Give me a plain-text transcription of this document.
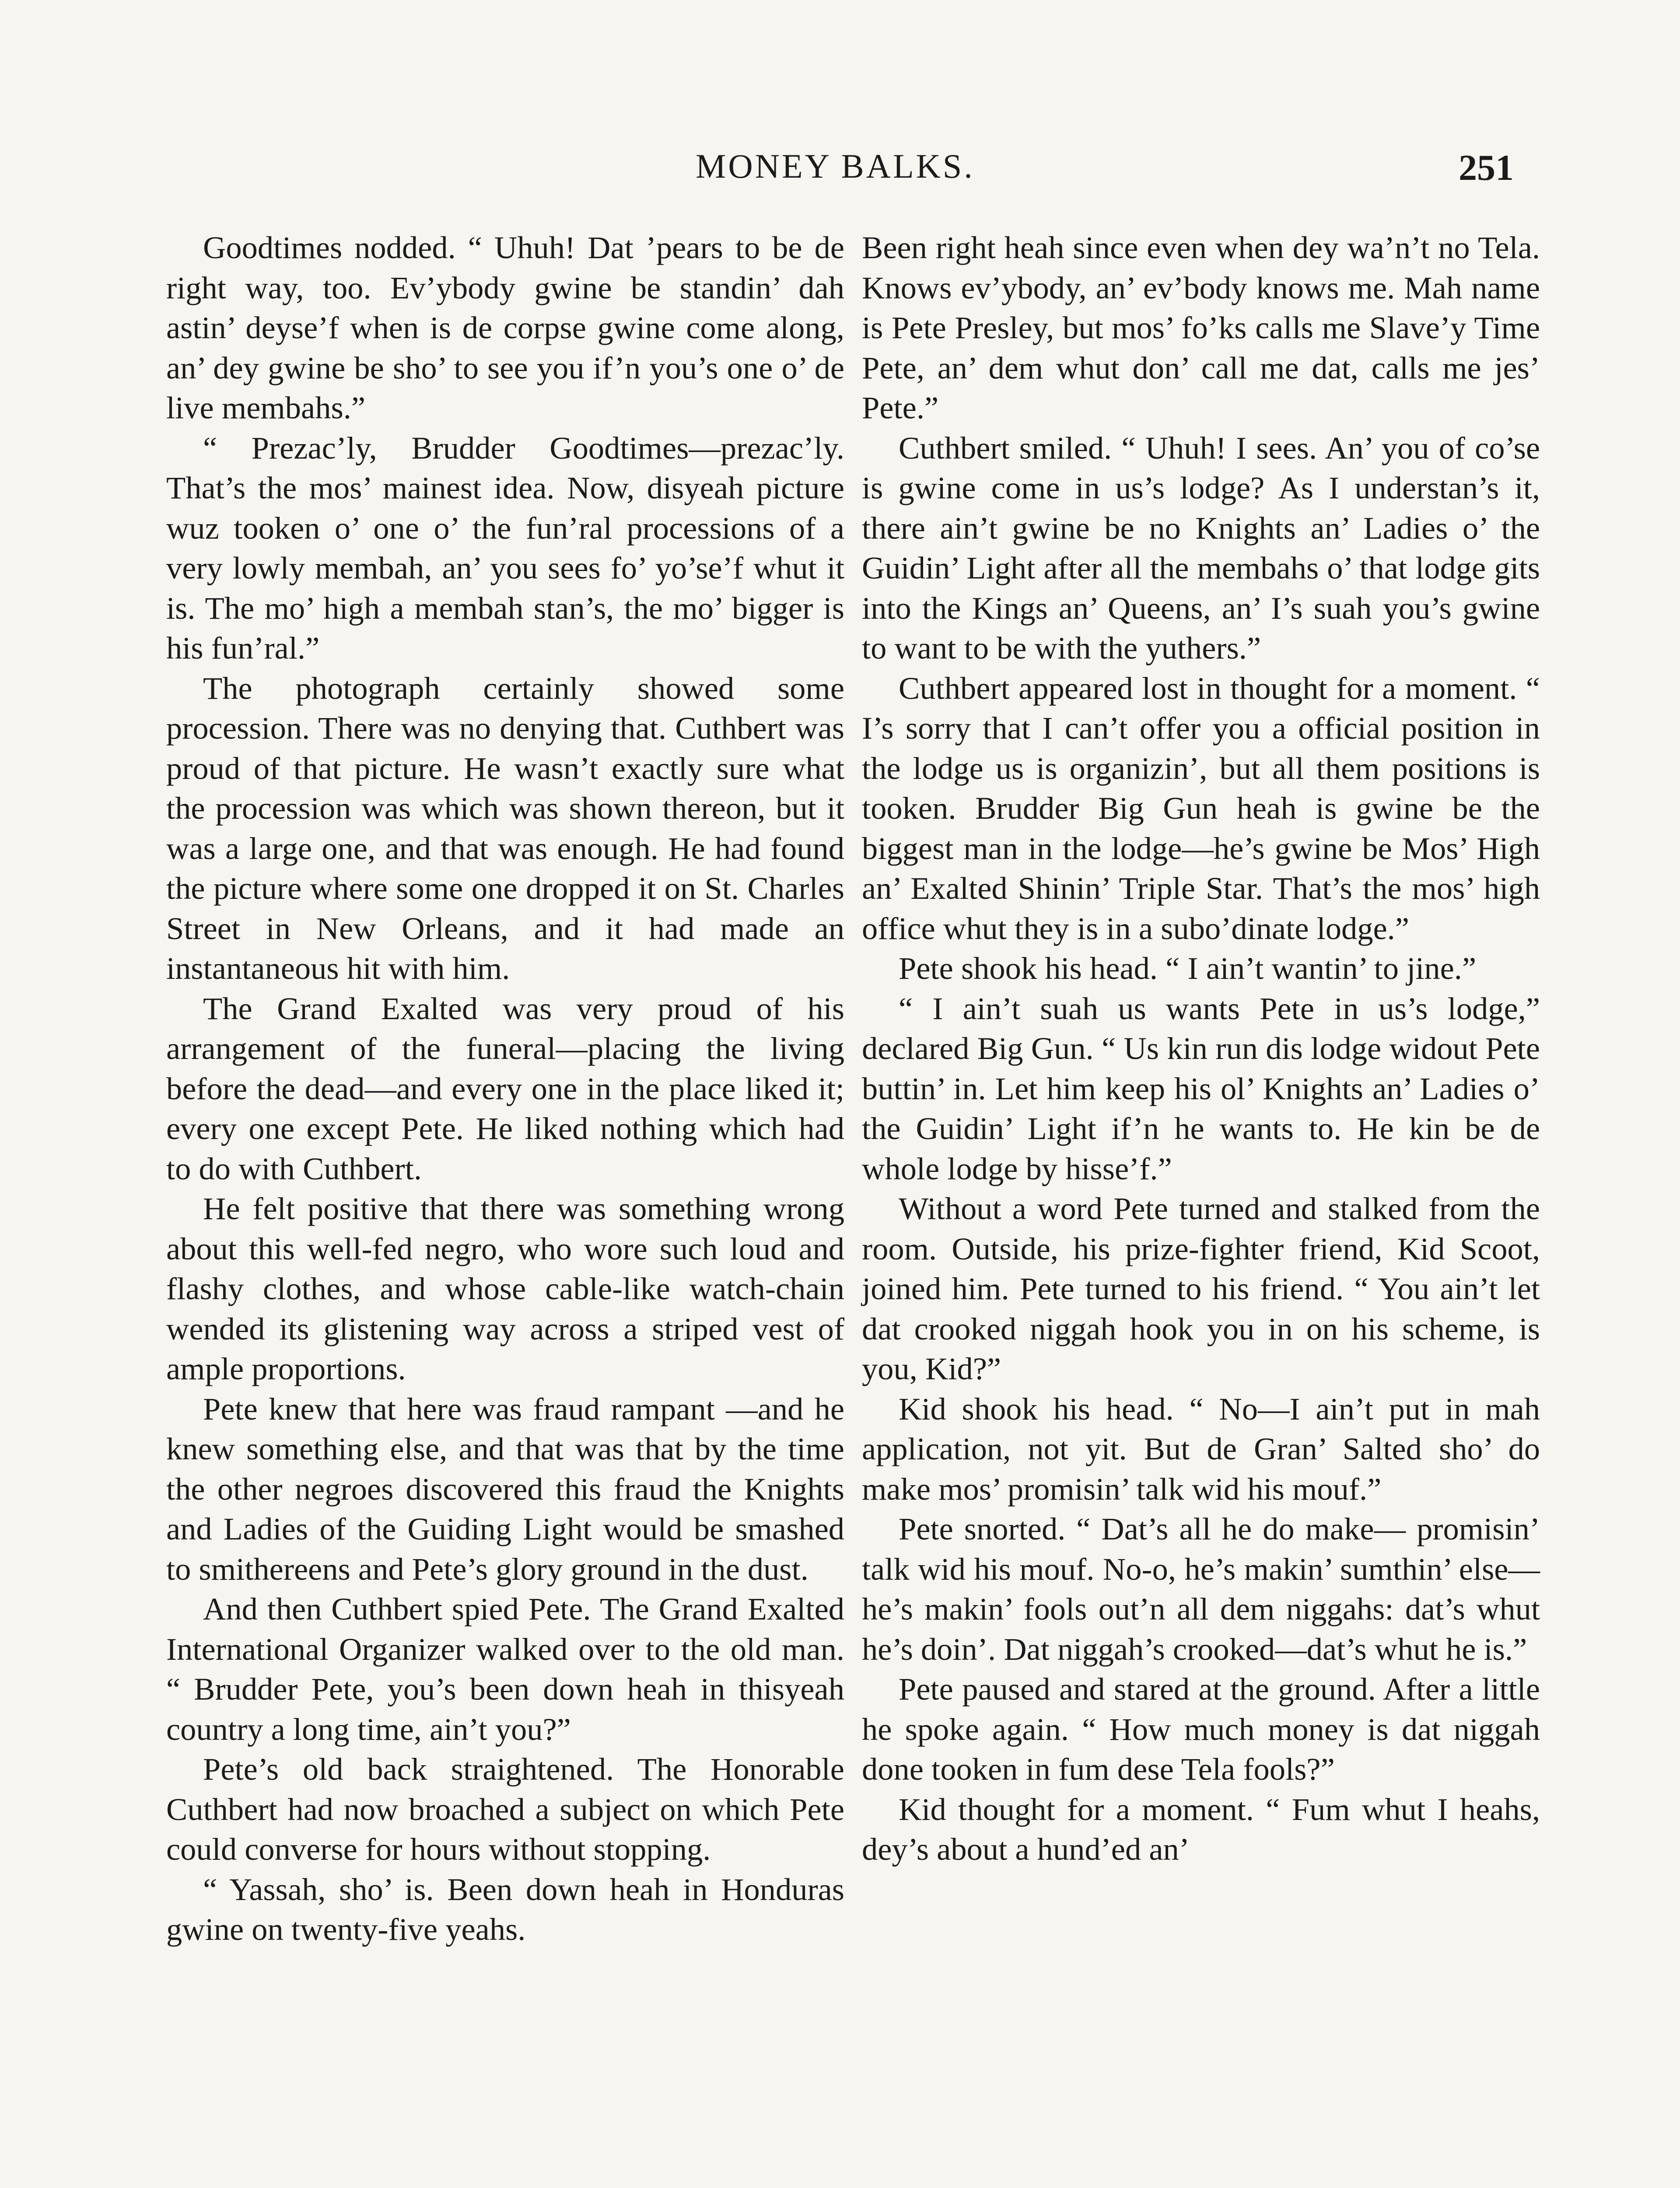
MONEY BALKS.	251

Goodtimes nodded. “ Uhuh! Dat ’pears to be de right way, too. Ev’ybody gwine be standin’ dah astin’ deyse’f when is de corpse gwine come along, an’ dey gwine be sho’ to see you if’n you’s one o’ de live membahs.”

“ Prezac’ly, Brudder Goodtimes—prezac’ly. That’s the mos’ mainest idea. Now, disyeah picture wuz tooken o’ one o’ the fun’ral processions of a very lowly membah, an’ you sees fo’ yo’se’f whut it is. The mo’ high a membah stan’s, the mo’ bigger is his fun’ral.”

The photograph certainly showed some procession. There was no denying that. Cuthbert was proud of that picture. He wasn’t exactly sure what the procession was which was shown thereon, but it was a large one, and that was enough. He had found the picture where some one dropped it on St. Charles Street in New Orleans, and it had made an instantaneous hit with him.

The Grand Exalted was very proud of his arrangement of the funeral—placing the living before the dead—and every one in the place liked it; every one except Pete. He liked nothing which had to do with Cuthbert.

He felt positive that there was something wrong about this well-fed negro, who wore such loud and flashy clothes, and whose cable-like watch-chain wended its glistening way across a striped vest of ample proportions.

Pete knew that here was fraud rampant —and he knew something else, and that was that by the time the other negroes discovered this fraud the Knights and Ladies of the Guiding Light would be smashed to smithereens and Pete’s glory ground in the dust.

And then Cuthbert spied Pete. The Grand Exalted International Organizer walked over to the old man. “ Brudder Pete, you’s been down heah in thisyeah country a long time, ain’t you?”

Pete’s old back straightened. The Honorable Cuthbert had now broached a subject on which Pete could converse for hours without stopping.

“ Yassah, sho’ is. Been down heah in Honduras gwine on twenty-five yeahs.

Been right heah since even when dey wa’n’t no Tela. Knows ev’ybody, an’ ev’body knows me. Mah name is Pete Presley, but mos’ fo’ks calls me Slave’y Time Pete, an’ dem whut don’ call me dat, calls me jes’ Pete.”

Cuthbert smiled. “ Uhuh! I sees. An’ you of co’se is gwine come in us’s lodge? As I understan’s it, there ain’t gwine be no Knights an’ Ladies o’ the Guidin’ Light after all the membahs o’ that lodge gits into the Kings an’ Queens, an’ I’s suah you’s gwine to want to be with the yuthers.”

Cuthbert appeared lost in thought for a moment. “ I’s sorry that I can’t offer you a official position in the lodge us is organizin’, but all them positions is tooken. Brudder Big Gun heah is gwine be the biggest man in the lodge—he’s gwine be Mos’ High an’ Exalted Shinin’ Triple Star. That’s the mos’ high office whut they is in a subo’dinate lodge.”

Pete shook his head. “ I ain’t wantin’ to jine.”

“ I ain’t suah us wants Pete in us’s lodge,” declared Big Gun. “ Us kin run dis lodge widout Pete buttin’ in. Let him keep his ol’ Knights an’ Ladies o’ the Guidin’ Light if’n he wants to. He kin be de whole lodge by hisse’f.”

Without a word Pete turned and stalked from the room. Outside, his prize-fighter friend, Kid Scoot, joined him. Pete turned to his friend. “ You ain’t let dat crooked niggah hook you in on his scheme, is you, Kid?”

Kid shook his head. “ No—I ain’t put in mah application, not yit. But de Gran’ Salted sho’ do make mos’ promisin’ talk wid his mouf.”

Pete snorted. “ Dat’s all he do make— promisin’ talk wid his mouf. No-o, he’s makin’ sumthin’ else—he’s makin’ fools out’n all dem niggahs: dat’s whut he’s doin’. Dat niggah’s crooked—dat’s whut he is.”

Pete paused and stared at the ground. After a little he spoke again. “ How much money is dat niggah done tooken in fum dese Tela fools?”

Kid thought for a moment. “ Fum whut I heahs, dey’s about a hund’ed an’
